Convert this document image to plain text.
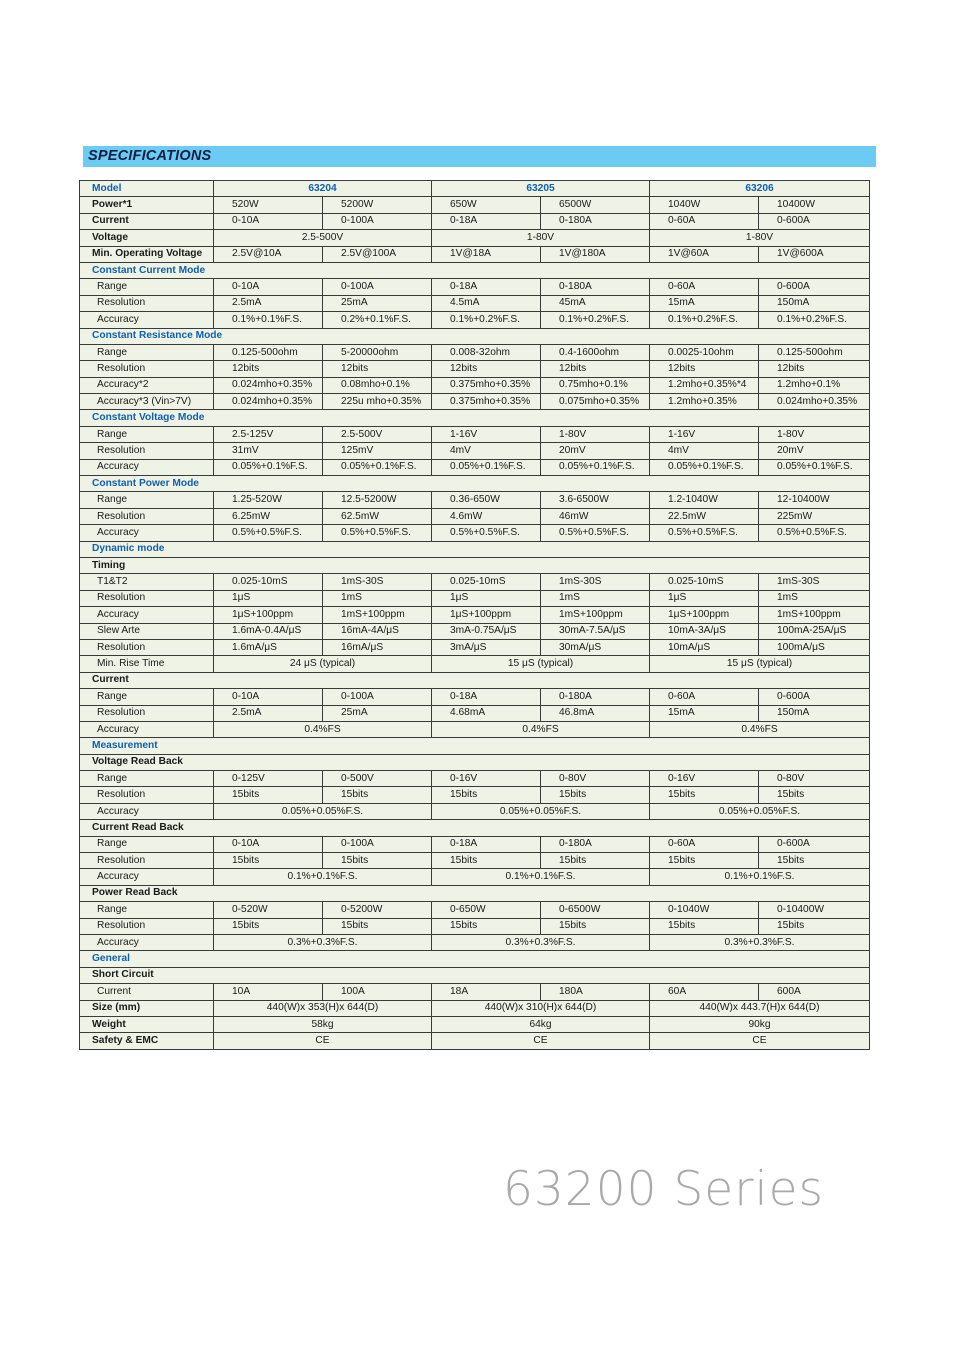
SPECIFICATIONS
Model	63204		63205		63206	
Power*1	520W	5200W	650W	6500W	1040W	10400W
Current	0-10A	0-100A	0-18A	0-180A	0-60A	0-600A
Voltage	2.5-500V		1-80V		1-80V	
Min. Operating Voltage	2.5V@10A	2.5V@100A	1V@18A	1V@180A	1V@60A	1V@600A
Constant Current Mode						
Range	0-10A	0-100A	0-18A	0-180A	0-60A	0-600A
Resolution	2.5mA	25mA	4.5mA	45mA	15mA	150mA
Accuracy	0.1%+0.1%F.S.	0.2%+0.1%F.S.	0.1%+0.2%F.S.	0.1%+0.2%F.S.	0.1%+0.2%F.S.	0.1%+0.2%F.S.
Constant Resistance Mode						
Range	0.125-500ohm	5-20000ohm	0.008-32ohm	0.4-1600ohm	0.0025-10ohm	0.125-500ohm
Resolution	12bits	12bits	12bits	12bits	12bits	12bits
Accuracy*2	0.024mho+0.35%	0.08mho+0.1%	0.375mho+0.35%	0.75mho+0.1%	1.2mho+0.35%*4	1.2mho+0.1%
Accuracy*3 (Vin>7V)	0.024mho+0.35%	225u mho+0.35%	0.375mho+0.35%	0.075mho+0.35%	1.2mho+0.35%	0.024mho+0.35%
Constant Voltage Mode						
Range	2.5-125V	2.5-500V	1-16V	1-80V	1-16V	1-80V
Resolution	31mV	125mV	4mV	20mV	4mV	20mV
Accuracy	0.05%+0.1%F.S.	0.05%+0.1%F.S.	0.05%+0.1%F.S.	0.05%+0.1%F.S.	0.05%+0.1%F.S.	0.05%+0.1%F.S.
Constant Power Mode						
Range	1.25-520W	12.5-5200W	0.36-650W	3.6-6500W	1.2-1040W	12-10400W
Resolution	6.25mW	62.5mW	4.6mW	46mW	22.5mW	225mW
Accuracy	0.5%+0.5%F.S.	0.5%+0.5%F.S.	0.5%+0.5%F.S.	0.5%+0.5%F.S.	0.5%+0.5%F.S.	0.5%+0.5%F.S.
Dynamic mode						
Timing						
T1&T2	0.025-10mS	1mS-30S	0.025-10mS	1mS-30S	0.025-10mS	1mS-30S
Resolution	1μS	1mS	1μS	1mS	1μS	1mS
Accuracy	1μS+100ppm	1mS+100ppm	1μS+100ppm	1mS+100ppm	1μS+100ppm	1mS+100ppm
Slew Arte	1.6mA-0.4A/μS	16mA-4A/μS	3mA-0.75A/μS	30mA-7.5A/μS	10mA-3A/μS	100mA-25A/μS
Resolution	1.6mA/μS	16mA/μS	3mA/μS	30mA/μS	10mA/μS	100mA/μS
Min. Rise Time	24 μS (typical)		15 μS (typical)		15 μS (typical)	
Current						
Range	0-10A	0-100A	0-18A	0-180A	0-60A	0-600A
Resolution	2.5mA	25mA	4.68mA	46.8mA	15mA	150mA
Accuracy	0.4%FS		0.4%FS		0.4%FS	
Measurement						
Voltage Read Back						
Range	0-125V	0-500V	0-16V	0-80V	0-16V	0-80V
Resolution	15bits	15bits	15bits	15bits	15bits	15bits
Accuracy	0.05%+0.05%F.S.		0.05%+0.05%F.S.		0.05%+0.05%F.S.	
Current Read Back						
Range	0-10A	0-100A	0-18A	0-180A	0-60A	0-600A
Resolution	15bits	15bits	15bits	15bits	15bits	15bits
Accuracy	0.1%+0.1%F.S.		0.1%+0.1%F.S.		0.1%+0.1%F.S.	
Power Read Back						
Range	0-520W	0-5200W	0-650W	0-6500W	0-1040W	0-10400W
Resolution	15bits	15bits	15bits	15bits	15bits	15bits
Accuracy	0.3%+0.3%F.S.		0.3%+0.3%F.S.		0.3%+0.3%F.S.	
General						
Short Circuit						
Current	10A	100A	18A	180A	60A	600A
Size (mm)	440(W)x 353(H)x 644(D)		440(W)x 310(H)x 644(D)		440(W)x 443.7(H)x 644(D)	
Weight	58kg		64kg		90kg	
Safety & EMC	CE		CE		CE	
63200 Series
